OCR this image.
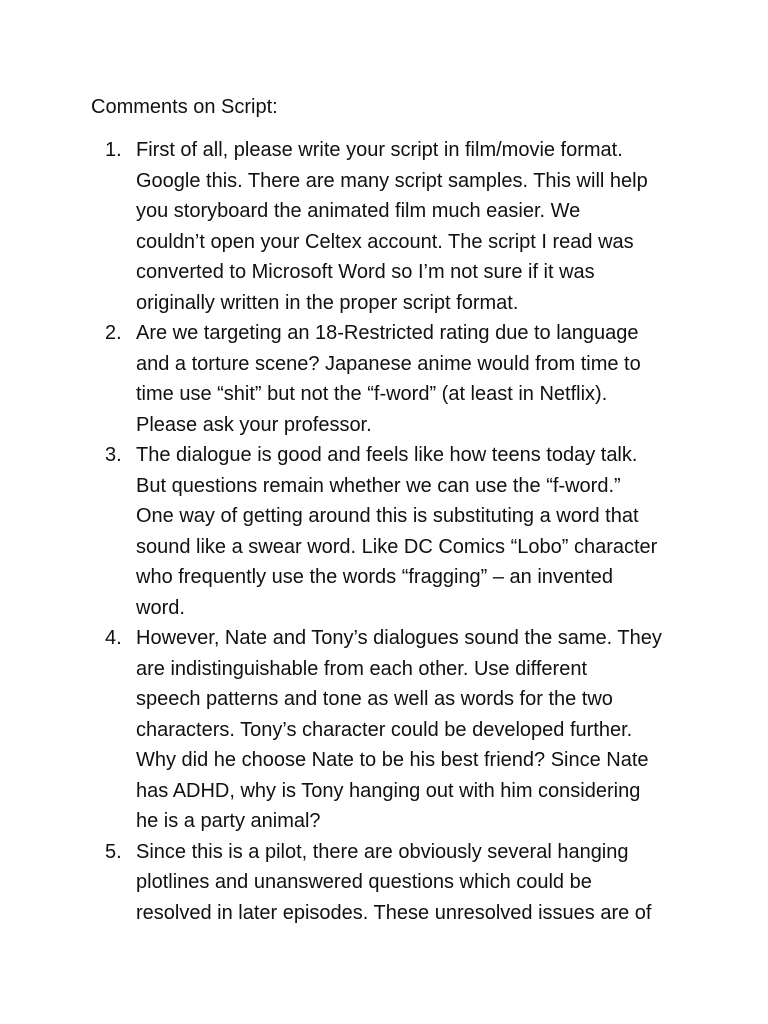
Comments on Script:

1. First of all, please write your script in film/movie format.
Google this. There are many script samples. This will help
you storyboard the animated film much easier. We
couldn’t open your Celtex account. The script I read was
converted to Microsoft Word so I’m not sure if it was
originally written in the proper script format.
2. Are we targeting an 18-Restricted rating due to language
and a torture scene? Japanese anime would from time to
time use “shit” but not the “f-word” (at least in Netflix).
Please ask your professor.
3. The dialogue is good and feels like how teens today talk.
But questions remain whether we can use the “f-word.”
One way of getting around this is substituting a word that
sound like a swear word. Like DC Comics “Lobo” character
who frequently use the words “fragging” – an invented
word.
4. However, Nate and Tony’s dialogues sound the same. They
are indistinguishable from each other. Use different
speech patterns and tone as well as words for the two
characters. Tony’s character could be developed further.
Why did he choose Nate to be his best friend? Since Nate
has ADHD, why is Tony hanging out with him considering
he is a party animal?
5. Since this is a pilot, there are obviously several hanging
plotlines and unanswered questions which could be
resolved in later episodes. These unresolved issues are of
